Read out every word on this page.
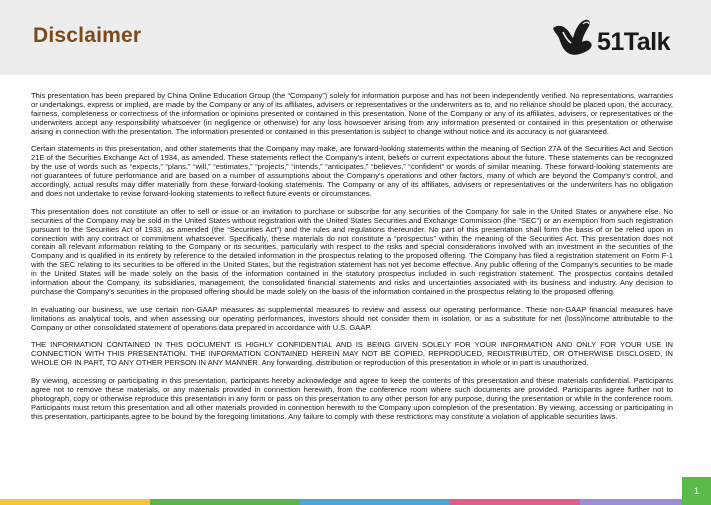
Disclaimer	51Talk

This presentation has been prepared by China Online Education Group (the “Company”) solely for information purpose and has not been independently verified. No representations, warranties or undertakings, express or implied, are made by the Company or any of its affiliates, advisers or representatives or the underwriters as to, and no reliance should be placed upon, the accuracy, fairness, completeness or correctness of the information or opinions presented or contained in this presentation. None of the Company or any of its affiliates, advisers, or representatives or the underwriters accept any responsibility whatsoever (in negligence or otherwise) for any loss howsoever arising from any information presented or contained in this presentation or otherwise arising in connection with the presentation. The information presented or contained in this presentation is subject to change without notice and its accuracy is not guaranteed.

Certain statements in this presentation, and other statements that the Company may make, are forward-looking statements within the meaning of Section 27A of the Securities Act and Section 21E of the Securities Exchange Act of 1934, as amended. These statements reflect the Company’s intent, beliefs or current expectations about the future. These statements can be recognized by the use of words such as “expects,” “plans,” “will,” “estimates,” “projects,” “intends,” “anticipates,” “believes,” “confident” or words of similar meaning. These forward-looking statements are not guarantees of future performance and are based on a number of assumptions about the Company’s operations and other factors, many of which are beyond the Company’s control, and accordingly, actual results may differ materially from these forward-looking statements. The Company or any of its affiliates, advisers or representatives or the underwriters has no obligation and does not undertake to revise forward-looking statements to reflect future events or circumstances.

This presentation does not constitute an offer to sell or issue or an invitation to purchase or subscribe for any securities of the Company for sale in the United States or anywhere else. No securities of the Company may be sold in the United States without registration with the United States Securities and Exchange Commission (the “SEC”) or an exemption from such registration pursuant to the Securities Act of 1933, as amended (the “Securities Act”) and the rules and regulations thereunder. No part of this presentation shall form the basis of or be relied upon in connection with any contract or commitment whatsoever. Specifically, these materials do not constitute a “prospectus” within the meaning of the Securities Act. This presentation does not contain all relevant information relating to the Company or its securities, particularly with respect to the risks and special considerations involved with an investment in the securities of the Company and is qualified in its entirety by reference to the detailed information in the prospectus relating to the proposed offering. The Company has filed a registration statement on Form F-1 with the SEC relating to its securities to be offered in the United States, but the registration statement has not yet become effective. Any public offering of the Company’s securities to be made in the United States will be made solely on the basis of the information contained in the statutory prospectus included in such registration statement. The prospectus contains detailed information about the Company, its subsidiaries, management, the consolidated financial statements and risks and uncertainties associated with its business and industry. Any decision to purchase the Company’s securities in the proposed offering should be made solely on the basis of the information contained in the prospectus relating to the proposed offering.

In evaluating our business, we use certain non-GAAP measures as supplemental measures to review and assess our operating performance. These non-GAAP financial measures have limitations as analytical tools, and when assessing our operating performances, investors should not consider them in isolation, or as a substitute for net (loss)/income attributable to the Company or other consolidated statement of operations data prepared in accordance with U.S. GAAP.

THE INFORMATION CONTAINED IN THIS DOCUMENT IS HIGHLY CONFIDENTIAL AND IS BEING GIVEN SOLELY FOR YOUR INFORMATION AND ONLY FOR YOUR USE IN CONNECTION WITH THIS PRESENTATION. THE INFORMATION CONTAINED HEREIN MAY NOT BE COPIED, REPRODUCED, REDISTRIBUTED, OR OTHERWISE DISCLOSED, IN WHOLE OR IN PART, TO ANY OTHER PERSON IN ANY MANNER. Any forwarding, distribution or reproduction of this presentation in whole or in part is unauthorized.

By viewing, accessing or participating in this presentation, participants hereby acknowledge and agree to keep the contents of this presentation and these materials confidential. Participants agree not to remove these materials, or any materials provided in connection herewith, from the conference room where such documents are provided. Participants agree further not to photograph, copy or otherwise reproduce this presentation in any form or pass on this presentation to any other person for any purpose, during the presentation or while in the conference room. Participants must return this presentation and all other materials provided in connection herewith to the Company upon completion of the presentation. By viewing, accessing or participating in this presentation, participants agree to be bound by the foregoing limitations. Any failure to comply with these restrictions may constitute a violation of applicable securities laws.

1
